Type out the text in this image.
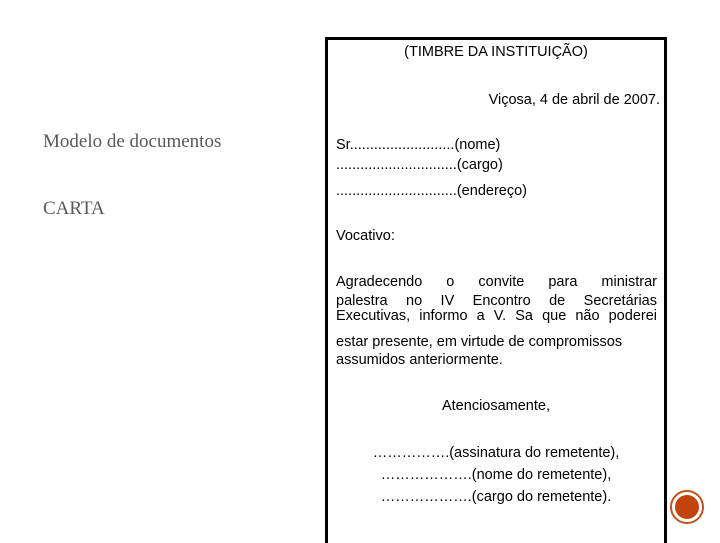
Modelo de documentos
CARTA
(TIMBRE DA INSTITUIÇÃO)
Viçosa, 4 de abril de 2007.
Sr..........................(nome)
..............................(cargo)
..............................(endereço)
Vocativo:
Agradecendo o convite para ministrar
palestra no IV Encontro de Secretárias
Executivas, informo a V. Sa que não poderei
estar presente, em virtude de compromissos
assumidos anteriormente.
Atenciosamente,
…………….(assinatura do remetente),
……………….(nome do remetente),
……………….(cargo do remetente).
